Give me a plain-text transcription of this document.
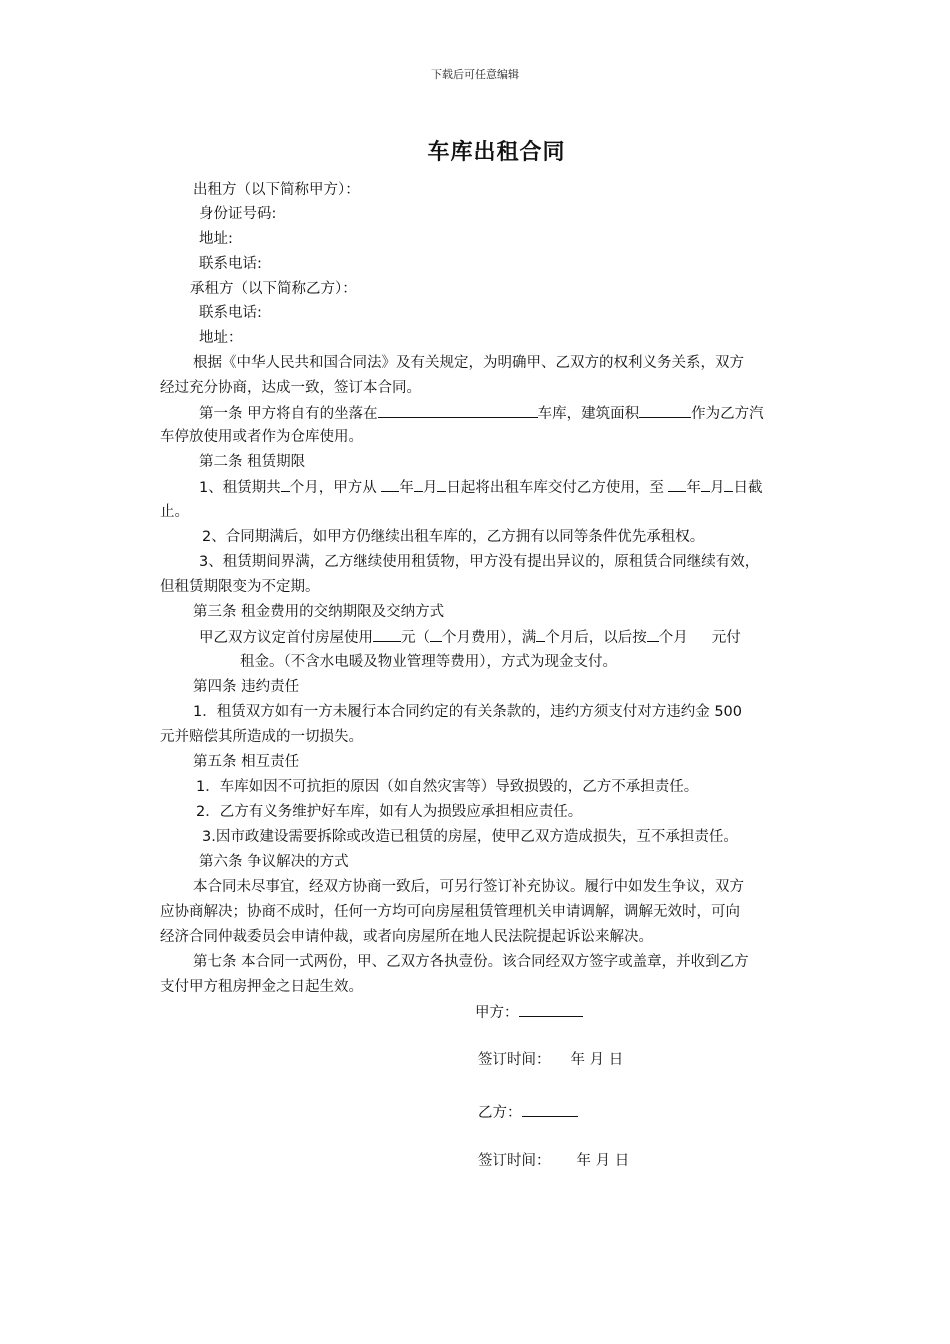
下载后可任意编辑
车库出租合同
出租方（以下简称甲方）：
身份证号码:
地址:
联系电话:
承租方（以下简称乙方）：
联系电话:
地址：
根据《中华人民共和国合同法》及有关规定，为明确甲、乙双方的权利义务关系，双方
经过充分协商，达成一致，签订本合同。
第一条 甲方将自有的坐落在	车库，建筑面积	作为乙方汽
车停放使用或者作为仓库使用。
第二条 租赁期限
1、租赁期共 个月，甲方从 年 月 日起将出租车库交付乙方使用，至 年 月 日截
止。
2、合同期满后，如甲方仍继续出租车库的，乙方拥有以同等条件优先承租权。
3、租赁期间界满，乙方继续使用租赁物，甲方没有提出异议的，原租赁合同继续有效，
但租赁期限变为不定期。
第三条 租金费用的交纳期限及交纳方式
甲乙双方议定首付房屋使用 元（ 个月费用），满 个月后，以后按 个月 元付
租金。（不含水电暖及物业管理等费用），方式为现金支付。
第四条 违约责任
1．租赁双方如有一方未履行本合同约定的有关条款的，违约方须支付对方违约金 500
元并赔偿其所造成的一切损失。
第五条 相互责任
1．车库如因不可抗拒的原因（如自然灾害等）导致损毁的，乙方不承担责任。
2．乙方有义务维护好车库，如有人为损毁应承担相应责任。
3.因市政建设需要拆除或改造已租赁的房屋，使甲乙双方造成损失，互不承担责任。
第六条 争议解决的方式
本合同未尽事宜，经双方协商一致后，可另行签订补充协议。履行中如发生争议，双方
应协商解决；协商不成时，任何一方均可向房屋租赁管理机关申请调解，调解无效时，可向
经济合同仲裁委员会申请仲裁，或者向房屋所在地人民法院提起诉讼来解决。
第七条 本合同一式两份，甲、乙双方各执壹份。该合同经双方签字或盖章，并收到乙方
支付甲方租房押金之日起生效。
甲方：
签订时间： 年 月 日
乙方：
签订时间： 年 月 日
